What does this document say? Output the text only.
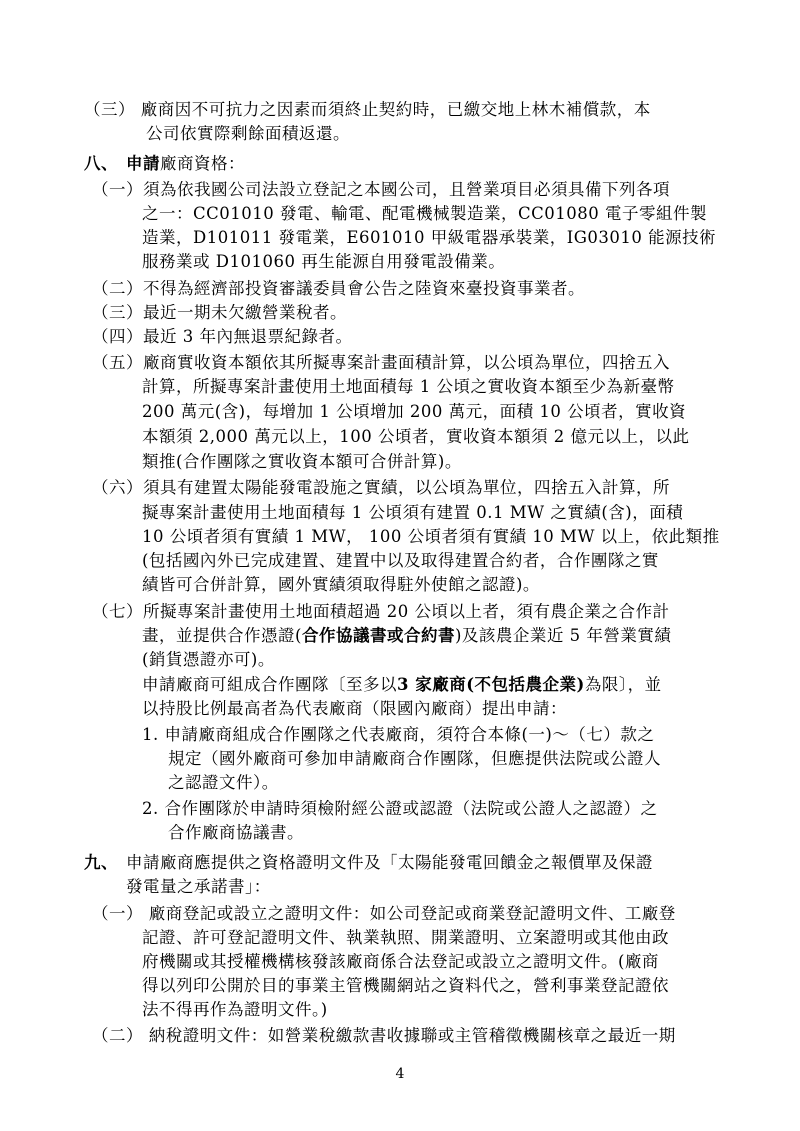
（三） 廠商因不可抗力之因素而須終止契約時，已繳交地上林木補償款，本
公司依實際剩餘面積返還。
八、 申請廠商資格：
（一）須為依我國公司法設立登記之本國公司，且營業項目必須具備下列各項
之一：CC01010 發電、輸電、配電機械製造業，CC01080 電子零組件製
造業，D101011 發電業，E601010 甲級電器承裝業，IG03010 能源技術
服務業或 D101060 再生能源自用發電設備業。
（二）不得為經濟部投資審議委員會公告之陸資來臺投資事業者。
（三）最近一期未欠繳營業稅者。
（四）最近 3 年內無退票紀錄者。
（五）廠商實收資本額依其所擬專案計畫面積計算，以公頃為單位，四捨五入
計算，所擬專案計畫使用土地面積每 1 公頃之實收資本額至少為新臺幣
200 萬元(含)，每增加 1 公頃增加 200 萬元，面積 10 公頃者，實收資
本額須 2,000 萬元以上，100 公頃者，實收資本額須 2 億元以上，以此
類推(合作團隊之實收資本額可合併計算)。
（六）須具有建置太陽能發電設施之實績，以公頃為單位，四捨五入計算，所
擬專案計畫使用土地面積每 1 公頃須有建置 0.1 MW 之實績(含)，面積
10 公頃者須有實績 1 MW， 100 公頃者須有實績 10 MW 以上，依此類推
(包括國內外已完成建置、建置中以及取得建置合約者，合作團隊之實
績皆可合併計算，國外實績須取得駐外使館之認證)。
（七）所擬專案計畫使用土地面積超過 20 公頃以上者，須有農企業之合作計
畫，並提供合作憑證(合作協議書或合約書)及該農企業近 5 年營業實績
(銷貨憑證亦可)。
申請廠商可組成合作團隊〔至多以3 家廠商(不包括農企業)為限〕，並
以持股比例最高者為代表廠商（限國內廠商）提出申請：
1. 申請廠商組成合作團隊之代表廠商，須符合本條(一)～（七）款之
規定（國外廠商可參加申請廠商合作團隊，但應提供法院或公證人
之認證文件）。
2. 合作團隊於申請時須檢附經公證或認證（法院或公證人之認證）之
合作廠商協議書。
九、 申請廠商應提供之資格證明文件及「太陽能發電回饋金之報價單及保證
發電量之承諾書」：
（一） 廠商登記或設立之證明文件：如公司登記或商業登記證明文件、工廠登
記證、許可登記證明文件、執業執照、開業證明、立案證明或其他由政
府機關或其授權機構核發該廠商係合法登記或設立之證明文件。(廠商
得以列印公開於目的事業主管機關網站之資料代之，營利事業登記證依
法不得再作為證明文件。)
（二） 納稅證明文件：如營業稅繳款書收據聯或主管稽徵機關核章之最近一期
4
